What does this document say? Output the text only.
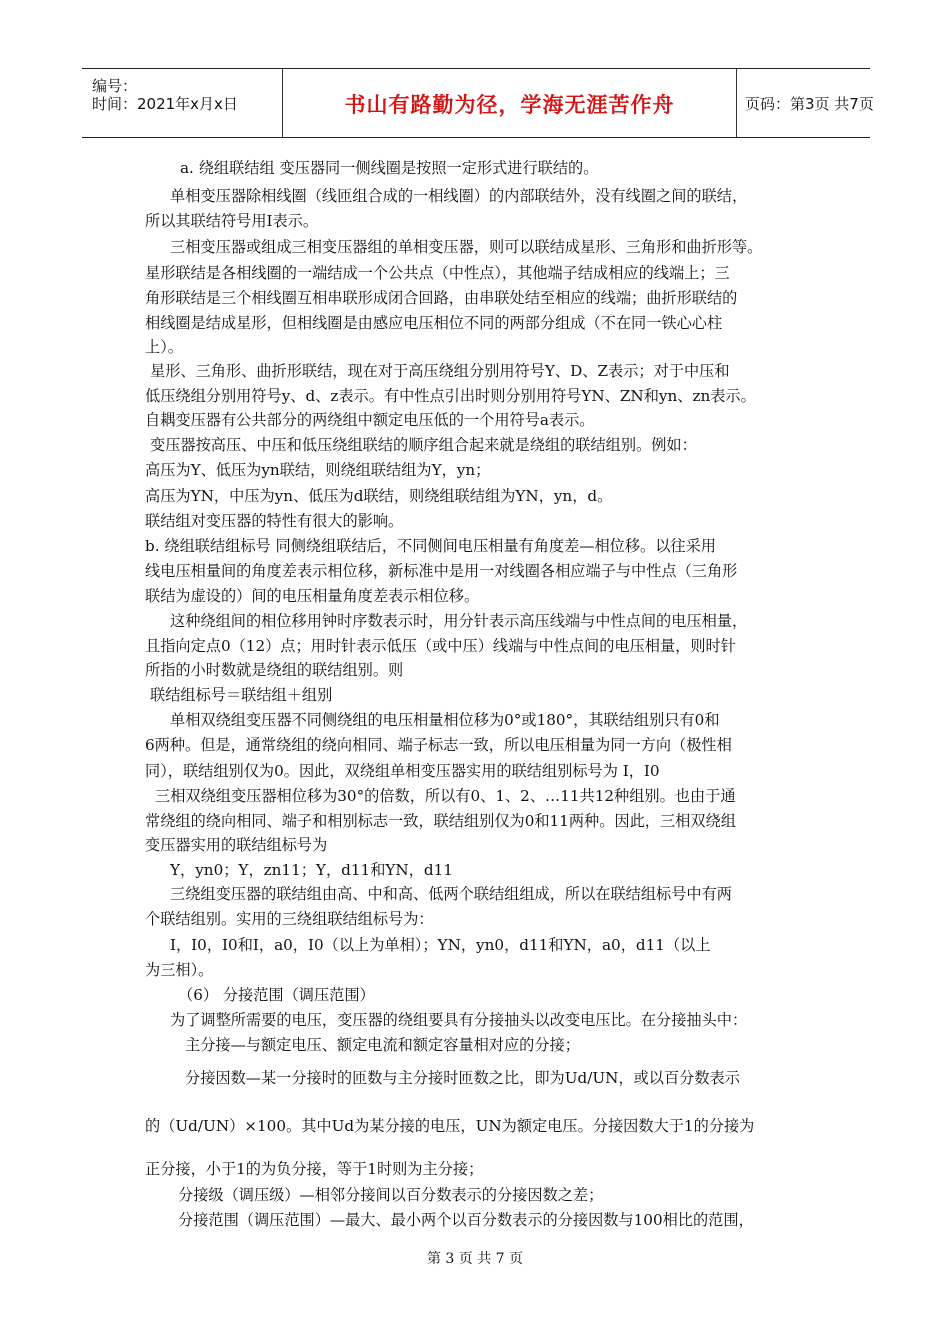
编号：
时间：2021年x月x日	书山有路勤为径，学海无涯苦作舟	页码：第3页 共7页
a. 绕组联结组 变压器同一侧线圈是按照一定形式进行联结的。
单相变压器除相线圈（线匝组合成的一相线圈）的内部联结外，没有线圈之间的联结，
所以其联结符号用Ⅰ表示。
三相变压器或组成三相变压器组的单相变压器，则可以联结成星形、三角形和曲折形等。
星形联结是各相线圈的一端结成一个公共点（中性点），其他端子结成相应的线端上；三
角形联结是三个相线圈互相串联形成闭合回路，由串联处结至相应的线端；曲折形联结的
相线圈是结成星形，但相线圈是由感应电压相位不同的两部分组成（不在同一铁心心柱
上）。
星形、三角形、曲折形联结，现在对于高压绕组分别用符号Y、D、Z表示；对于中压和
低压绕组分别用符号y、d、z表示。有中性点引出时则分别用符号YN、ZN和yn、zn表示。
自耦变压器有公共部分的两绕组中额定电压低的一个用符号a表示。
变压器按高压、中压和低压绕组联结的顺序组合起来就是绕组的联结组别。例如：
高压为Y、低压为yn联结，则绕组联结组为Y，yn；
高压为YN，中压为yn、低压为d联结，则绕组联结组为YN，yn，d。
联结组对变压器的特性有很大的影响。
b. 绕组联结组标号 同侧绕组联结后，不同侧间电压相量有角度差—相位移。以往采用
线电压相量间的角度差表示相位移，新标准中是用一对线圈各相应端子与中性点（三角形
联结为虚设的）间的电压相量角度差表示相位移。
这种绕组间的相位移用钟时序数表示时，用分针表示高压线端与中性点间的电压相量，
且指向定点0（12）点；用时针表示低压（或中压）线端与中性点间的电压相量，则时针
所指的小时数就是绕组的联结组别。则
联结组标号＝联结组＋组别
单相双绕组变压器不同侧绕组的电压相量相位移为0°或180°，其联结组别只有0和
6两种。但是，通常绕组的绕向相同、端子标志一致，所以电压相量为同一方向（极性相
同），联结组别仅为0。因此，双绕组单相变压器实用的联结组别标号为 Ⅰ，Ⅰ0
三相双绕组变压器相位移为30°的倍数，所以有0、1、2、…11共12种组别。也由于通
常绕组的绕向相同、端子和相别标志一致，联结组别仅为0和11两种。因此，三相双绕组
变压器实用的联结组标号为
Y，yn0；Y，zn11；Y，d11和YN，d11
三绕组变压器的联结组由高、中和高、低两个联结组组成，所以在联结组标号中有两
个联结组别。实用的三绕组联结组标号为：
Ⅰ，Ⅰ0，Ⅰ0和Ⅰ，a0，Ⅰ0（以上为单相）；YN，yn0，d11和YN，a0，d11（以上
为三相）。
（6） 分接范围（调压范围）
为了调整所需要的电压，变压器的绕组要具有分接抽头以改变电压比。在分接抽头中：
主分接—与额定电压、额定电流和额定容量相对应的分接；
分接因数—某一分接时的匝数与主分接时匝数之比，即为Ud/UN，或以百分数表示
的（Ud/UN）×100。其中Ud为某分接的电压，UN为额定电压。分接因数大于1的分接为
正分接，小于1的为负分接，等于1时则为主分接；
分接级（调压级）—相邻分接间以百分数表示的分接因数之差；
分接范围（调压范围）—最大、最小两个以百分数表示的分接因数与100相比的范围，
第 3 页 共 7 页
